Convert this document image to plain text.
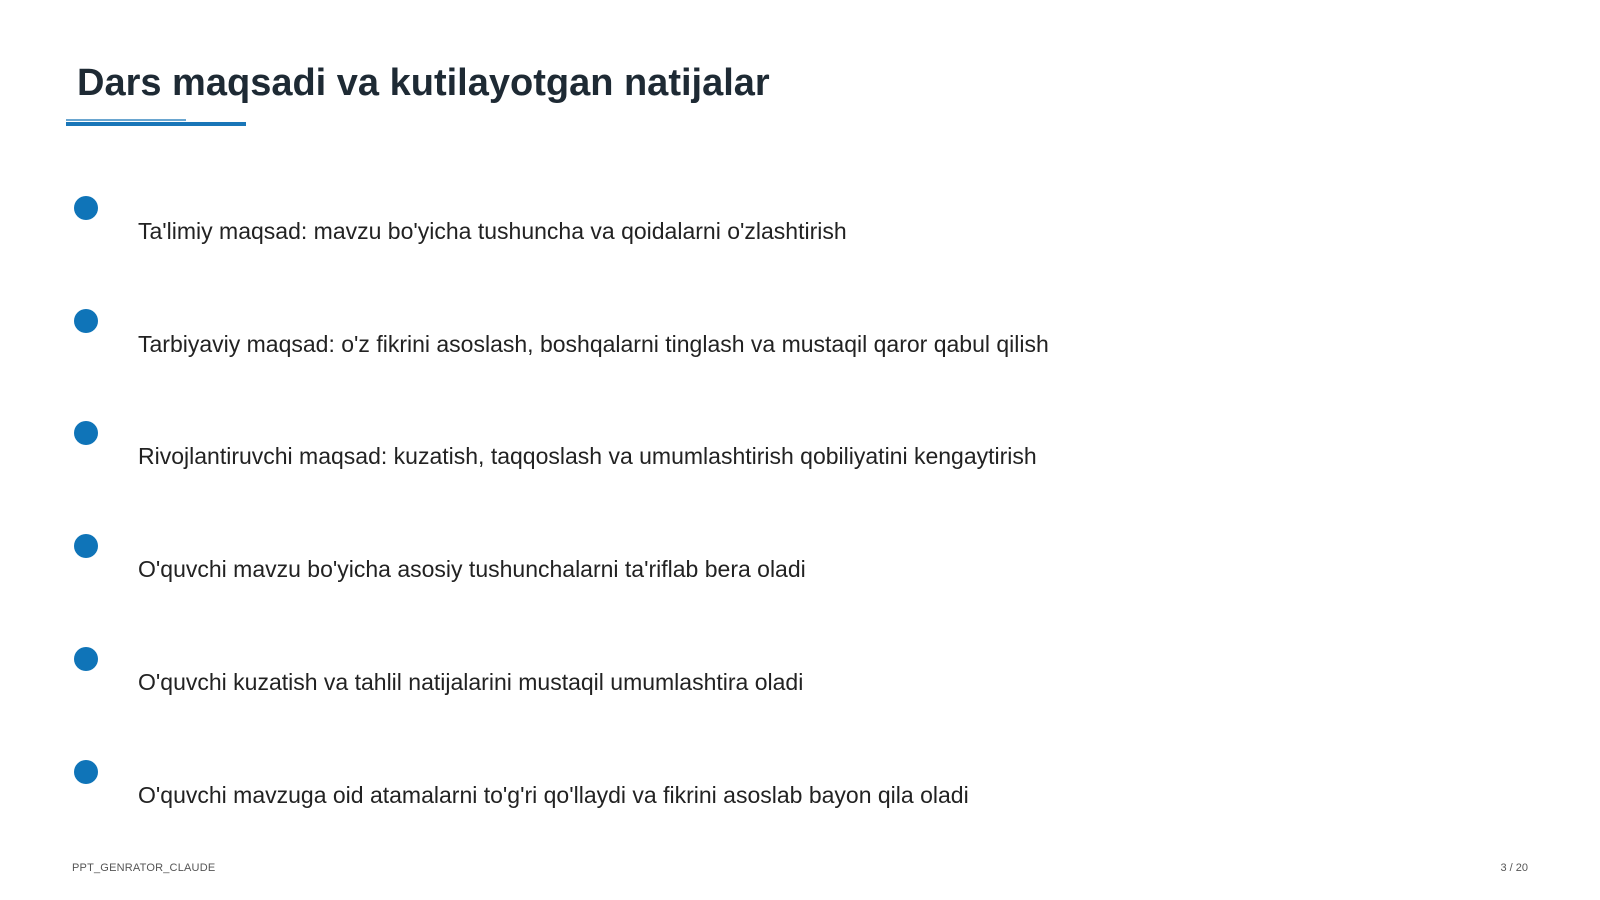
Dars maqsadi va kutilayotgan natijalar
Ta'limiy maqsad: mavzu bo'yicha tushuncha va qoidalarni o'zlashtirish
Tarbiyaviy maqsad: o'z fikrini asoslash, boshqalarni tinglash va mustaqil qaror qabul qilish
Rivojlantiruvchi maqsad: kuzatish, taqqoslash va umumlashtirish qobiliyatini kengaytirish
O'quvchi mavzu bo'yicha asosiy tushunchalarni ta'riflab bera oladi
O'quvchi kuzatish va tahlil natijalarini mustaqil umumlashtira oladi
O'quvchi mavzuga oid atamalarni to'g'ri qo'llaydi va fikrini asoslab bayon qila oladi
PPT_GENRATOR_CLAUDE	3 / 20
